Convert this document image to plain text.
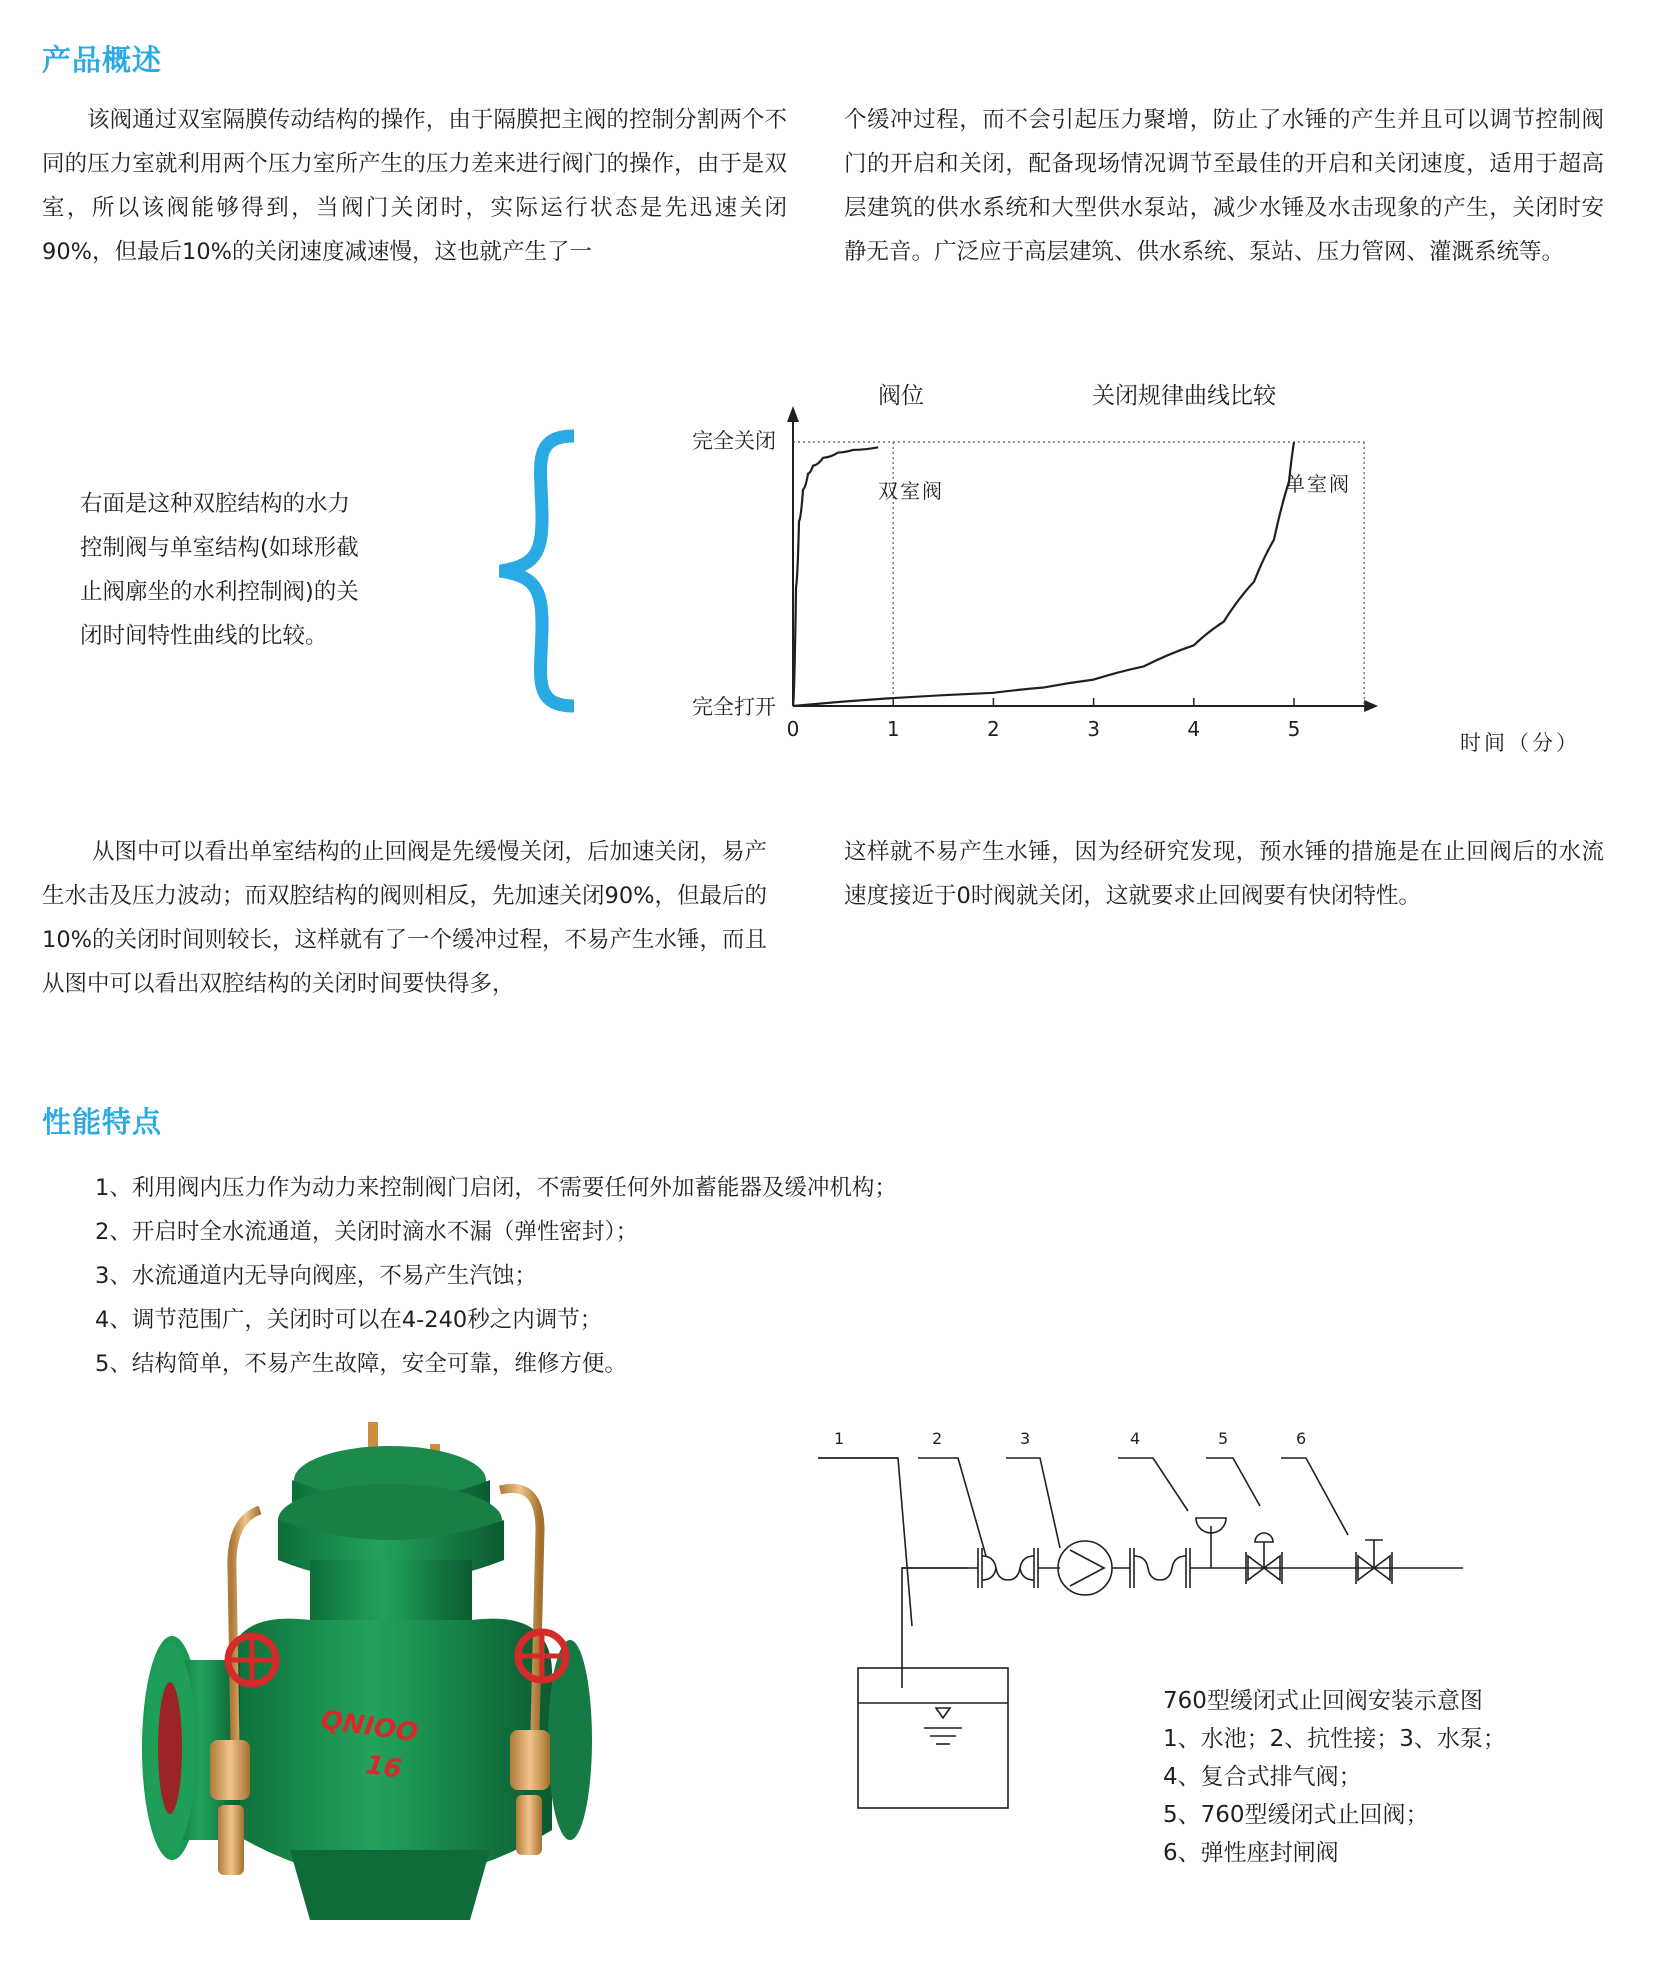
产品概述

该阀通过双室隔膜传动结构的操作，由于隔膜把主阀的控制分割两个不同的压力室就利用两个压力室所产生的压力差来进行阀门的操作，由于是双室，所以该阀能够得到，当阀门关闭时，实际运行状态是先迅速关闭90%，但最后10%的关闭速度减速慢，这也就产生了一

个缓冲过程，而不会引起压力聚增，防止了水锤的产生并且可以调节控制阀门的开启和关闭，配备现场情况调节至最佳的开启和关闭速度，适用于超高层建筑的供水系统和大型供水泵站，减少水锤及水击现象的产生，关闭时安静无音。广泛应于高层建筑、供水系统、泵站、压力管网、灌溉系统等。

右面是这种双腔结构的水力
控制阀与单室结构(如球形截
止阀廓坐的水利控制阀)的关
闭时间特性曲线的比较。
阀位	关闭规律曲线比较
完全关闭
完全打开
时间（分）
0	1	2	3	4	5
双室阀	单室阀

从图中可以看出单室结构的止回阀是先缓慢关闭，后加速关闭，易产生水击及压力波动；而双腔结构的阀则相反，先加速关闭90%，但最后的10%的关闭时间则较长，这样就有了一个缓冲过程，不易产生水锤，而且从图中可以看出双腔结构的关闭时间要快得多，

这样就不易产生水锤，因为经研究发现，预水锤的措施是在止回阀后的水流速度接近于0时阀就关闭，这就要求止回阀要有快闭特性。

性能特点
1、利用阀内压力作为动力来控制阀门启闭，不需要任何外加蓄能器及缓冲机构；
2、开启时全水流通道，关闭时滴水不漏（弹性密封）；
3、水流通道内无导向阀座，不易产生汽蚀；
4、调节范围广，关闭时可以在4-240秒之内调节；
5、结构简单，不易产生故障，安全可靠，维修方便。
QNIOO
16
1	2	3	4	5	6
760型缓闭式止回阀安装示意图
1、水池；2、抗性接；3、水泵；
4、复合式排气阀；
5、760型缓闭式止回阀；
6、弹性座封闸阀
